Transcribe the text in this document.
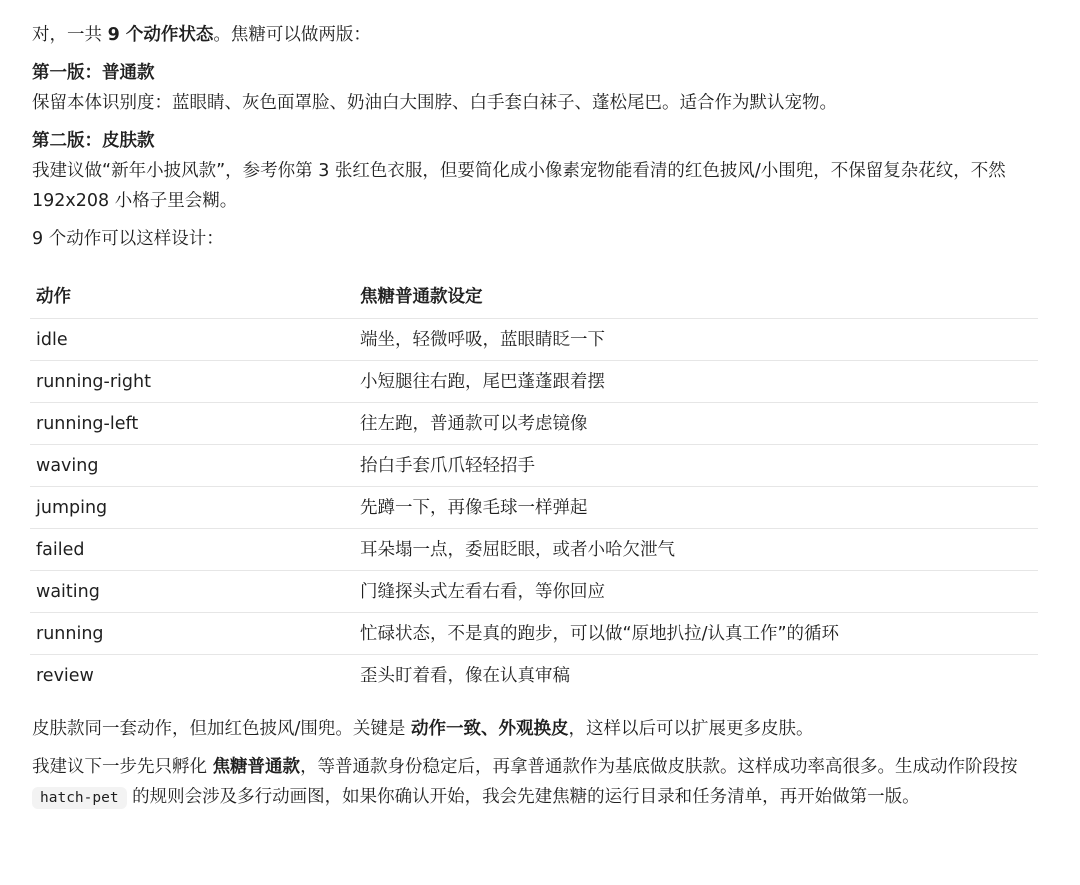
对，一共 9 个动作状态。焦糖可以做两版：

第一版：普通款

保留本体识别度：蓝眼睛、灰色面罩脸、奶油白大围脖、白手套白袜子、蓬松尾巴。适合作为默认宠物。

第二版：皮肤款

我建议做“新年小披风款”，参考你第 3 张红色衣服，但要简化成小像素宠物能看清的红色披风/小围兜，不保留复杂花纹，不然 192x208 小格子里会糊。

9 个动作可以这样设计：

动作	焦糖普通款设定
idle	端坐，轻微呼吸，蓝眼睛眨一下
running-right	小短腿往右跑，尾巴蓬蓬跟着摆
running-left	往左跑，普通款可以考虑镜像
waving	抬白手套爪爪轻轻招手
jumping	先蹲一下，再像毛球一样弹起
failed	耳朵塌一点，委屈眨眼，或者小哈欠泄气
waiting	门缝探头式左看右看，等你回应
running	忙碌状态，不是真的跑步，可以做“原地扒拉/认真工作”的循环
review	歪头盯着看，像在认真审稿

皮肤款同一套动作，但加红色披风/围兜。关键是 动作一致、外观换皮，这样以后可以扩展更多皮肤。

我建议下一步先只孵化 焦糖普通款，等普通款身份稳定后，再拿普通款作为基底做皮肤款。这样成功率高很多。生成动作阶段按 hatch-pet 的规则会涉及多行动画图，如果你确认开始，我会先建焦糖的运行目录和任务清单，再开始做第一版。
